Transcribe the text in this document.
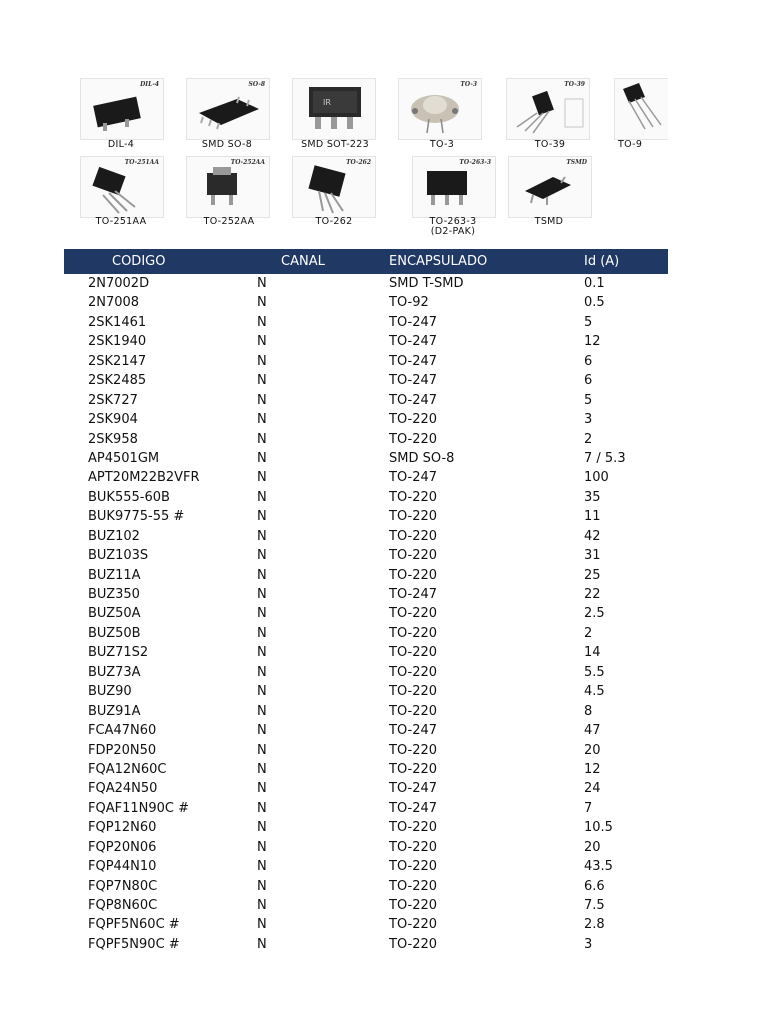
DIL-4	SO-8
IR
TO-3	TO-39
DIL-4	SMD SO-8	SMD SOT-223	TO-3	TO-39	TO-9
TO-251AA	TO-252AA	TO-262	TO-263-3	TSMD
TO-251AA	TO-252AA	TO-262	TO-263-3
(D2-PAK)
TSMD
CODIGO	CANAL	ENCAPSULADO	Id (A)
2N7002D	N	SMD T-SMD	0.1
2N7008	N	TO-92	0.5
2SK1461	N	TO-247	5
2SK1940	N	TO-247	12
2SK2147	N	TO-247	6
2SK2485	N	TO-247	6
2SK727	N	TO-247	5
2SK904	N	TO-220	3
2SK958	N	TO-220	2
AP4501GM	N	SMD SO-8	7 / 5.3
APT20M22B2VFR	N	TO-247	100
BUK555-60B	N	TO-220	35
BUK9775-55 #	N	TO-220	11
BUZ102	N	TO-220	42
BUZ103S	N	TO-220	31
BUZ11A	N	TO-220	25
BUZ350	N	TO-247	22
BUZ50A	N	TO-220	2.5
BUZ50B	N	TO-220	2
BUZ71S2	N	TO-220	14
BUZ73A	N	TO-220	5.5
BUZ90	N	TO-220	4.5
BUZ91A	N	TO-220	8
FCA47N60	N	TO-247	47
FDP20N50	N	TO-220	20
FQA12N60C	N	TO-220	12
FQA24N50	N	TO-247	24
FQAF11N90C #	N	TO-247	7
FQP12N60	N	TO-220	10.5
FQP20N06	N	TO-220	20
FQP44N10	N	TO-220	43.5
FQP7N80C	N	TO-220	6.6
FQP8N60C	N	TO-220	7.5
FQPF5N60C #	N	TO-220	2.8
FQPF5N90C #	N	TO-220	3
